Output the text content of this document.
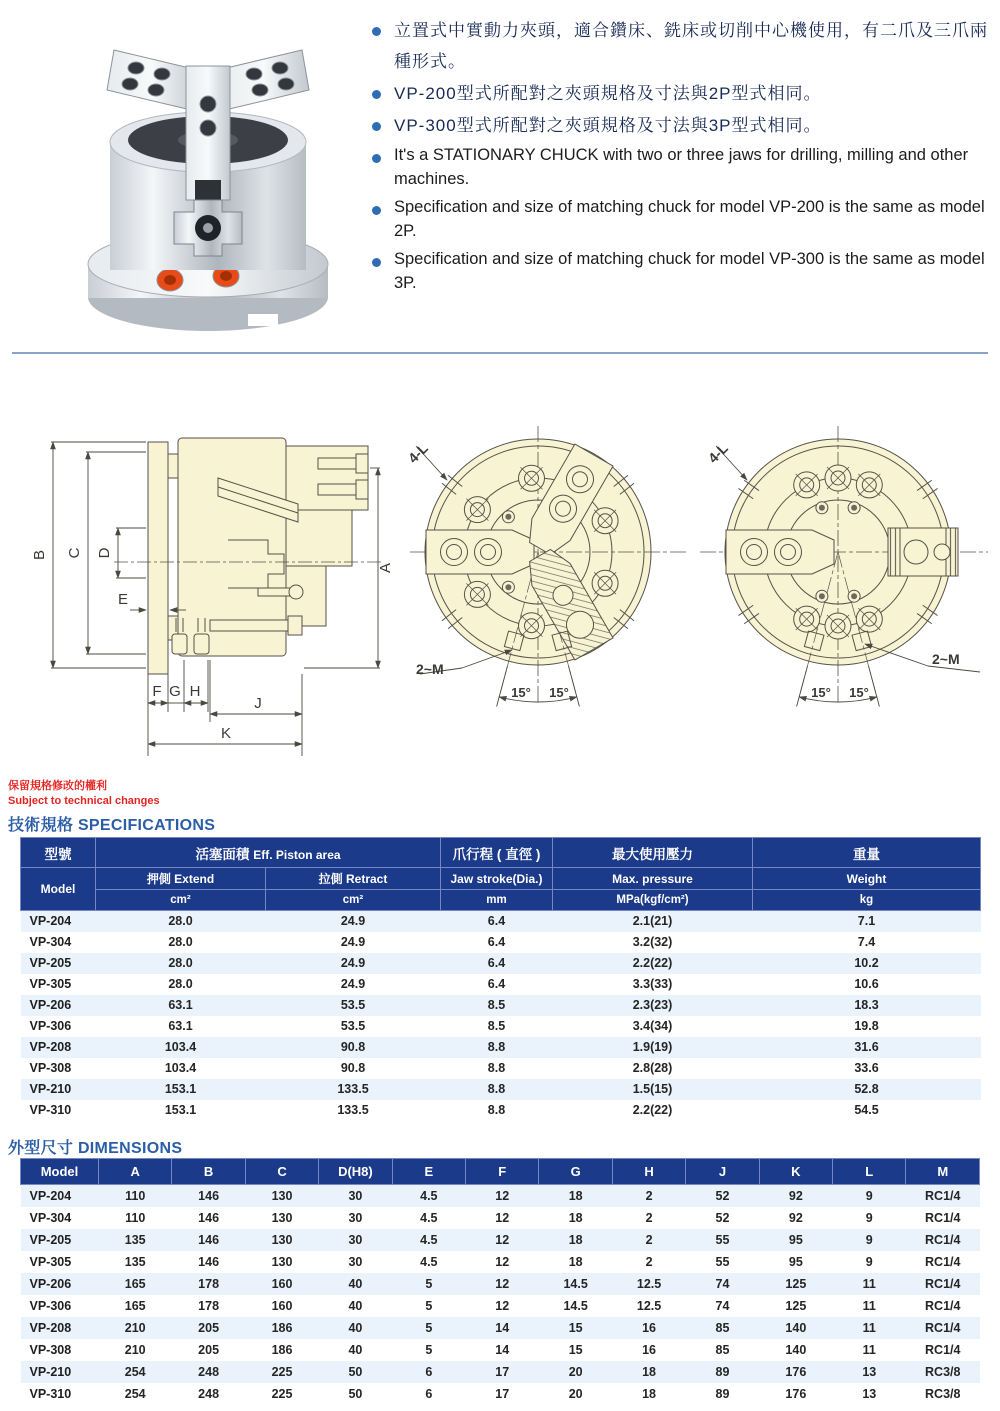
立置式中實動力夾頭，適合鑽床、銑床或切削中心機使用，有二爪及三爪兩種形式。

VP-200型式所配對之夾頭規格及寸法與2P型式相同。

VP-300型式所配對之夾頭規格及寸法與3P型式相同。

It's a STATIONARY CHUCK with two or three jaws for drilling, milling and other machines.

Specification and size of matching chuck for model VP-200 is the same as model 2P.

Specification and size of matching chuck for model VP-300 is the same as model 3P.

B C D
A
E
F G H
J
K
4-L
2~M
15° 15°
4-L
2~M
15° 15°
保留規格修改的權利
Subject to technical changes
技術規格 SPECIFICATIONS
型號	活塞面積 Eff. Piston area		爪行程 ( 直徑 )	最大使用壓力	重量
Model	押側 Extend	拉側 Retract	Jaw stroke(Dia.)	Max. pressure	Weight
	cm²	cm²	mm	MPa(kgf/cm²)	kg
VP-204	28.0	24.9	6.4	2.1(21)	7.1
VP-304	28.0	24.9	6.4	3.2(32)	7.4
VP-205	28.0	24.9	6.4	2.2(22)	10.2
VP-305	28.0	24.9	6.4	3.3(33)	10.6
VP-206	63.1	53.5	8.5	2.3(23)	18.3
VP-306	63.1	53.5	8.5	3.4(34)	19.8
VP-208	103.4	90.8	8.8	1.9(19)	31.6
VP-308	103.4	90.8	8.8	2.8(28)	33.6
VP-210	153.1	133.5	8.8	1.5(15)	52.8
VP-310	153.1	133.5	8.8	2.2(22)	54.5
外型尺寸 DIMENSIONS
Model	A	B	C	D(H8)	E	F	G	H	J	K	L	M
VP-204	110	146	130	30	4.5	12	18	2	52	92	9	RC1/4
VP-304	110	146	130	30	4.5	12	18	2	52	92	9	RC1/4
VP-205	135	146	130	30	4.5	12	18	2	55	95	9	RC1/4
VP-305	135	146	130	30	4.5	12	18	2	55	95	9	RC1/4
VP-206	165	178	160	40	5	12	14.5	12.5	74	125	11	RC1/4
VP-306	165	178	160	40	5	12	14.5	12.5	74	125	11	RC1/4
VP-208	210	205	186	40	5	14	15	16	85	140	11	RC1/4
VP-308	210	205	186	40	5	14	15	16	85	140	11	RC1/4
VP-210	254	248	225	50	6	17	20	18	89	176	13	RC3/8
VP-310	254	248	225	50	6	17	20	18	89	176	13	RC3/8
